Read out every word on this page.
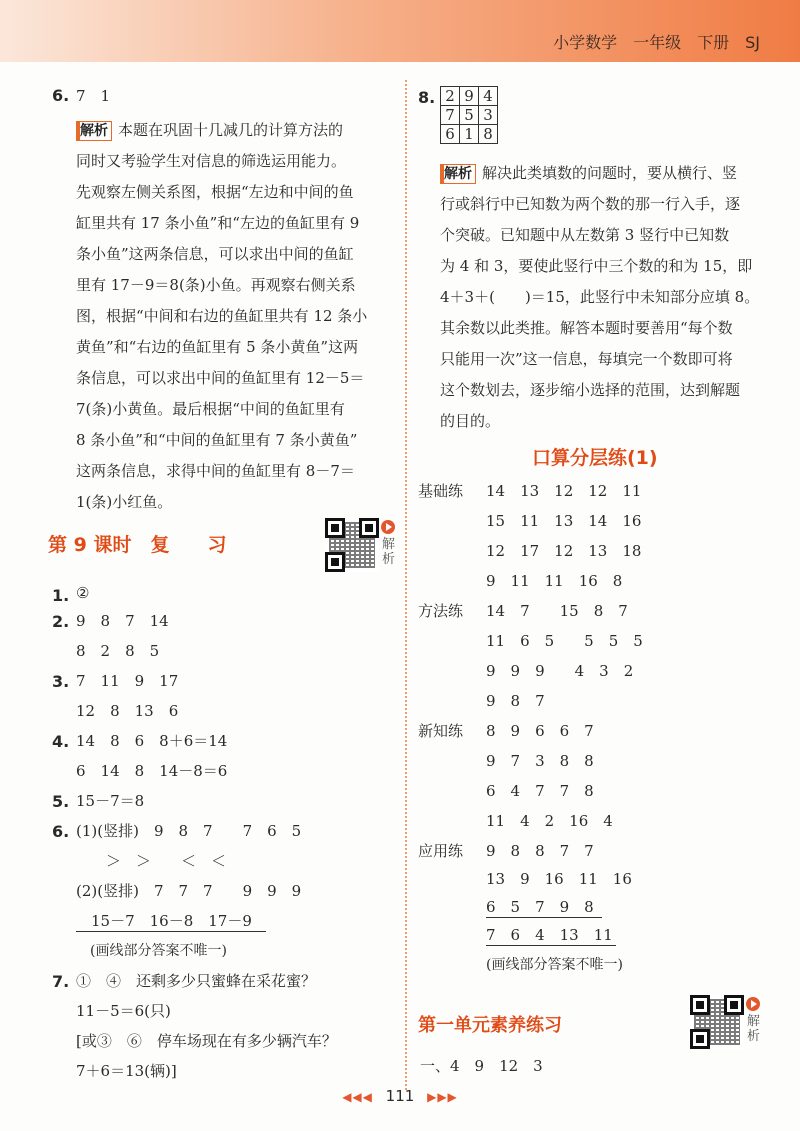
小学数学　一年级　下册　SJ
6. 7　1
解析 本题在巩固十几减几的计算方法的
同时又考验学生对信息的筛选运用能力。
先观察左侧关系图，根据“左边和中间的鱼
缸里共有 17 条小鱼”和“左边的鱼缸里有 9
条小鱼”这两条信息，可以求出中间的鱼缸
里有 17－9＝8(条)小鱼。再观察右侧关系
图，根据“中间和右边的鱼缸里共有 12 条小
黄鱼”和“右边的鱼缸里有 5 条小黄鱼”这两
条信息，可以求出中间的鱼缸里有 12－5＝
7(条)小黄鱼。最后根据“中间的鱼缸里有
8 条小鱼”和“中间的鱼缸里有 7 条小黄鱼”
这两条信息，求得中间的鱼缸里有 8－7＝
1(条)小红鱼。
第 9 课时　复　　习	解析
1. ②
2. 9　8　7　14
8　2　8　5
3. 7　11　9　17
12　8　13　6
4. 14　8　6　8＋6＝14
6　14　8　14－8＝6
5. 15－7＝8
6. (1)(竖排)　9　8　7　　7　6　5
　　＞　＞　　＜　＜
(2)(竖排)　7　7　7　　9　9　9
　15－7　16－8　17－9
　(画线部分答案不唯一)
7. ①　④　还剩多少只蜜蜂在采花蜜？
11－5＝6(只)
[或③　⑥　停车场现在有多少辆汽车？
7＋6＝13(辆)]
8. 2	9	4
7	5	3
6	1	8
解析 解决此类填数的问题时，要从横行、竖
行或斜行中已知数为两个数的那一行入手，逐
个突破。已知题中从左数第 3 竖行中已知数
为 4 和 3，要使此竖行中三个数的和为 15，即
4＋3＋(　　)＝15，此竖行中未知部分应填 8。
其余数以此类推。解答本题时要善用“每个数
只能用一次”这一信息，每填完一个数即可将
这个数划去，逐步缩小选择的范围，达到解题
的目的。
口算分层练(1)
基础练 14　13　12　12　11
15　11　13　14　16
12　17　12　13　18
9　11　11　16　8
方法练 14　7　　15　8　7
11　6　5　　5　5　5
9　9　9　　4　3　2
9　8　7
新知练 8　9　6　6　7
9　7　3　8　8
6　4　7　7　8
11　4　2　16　4
应用练 9　8　8　7　7
13　9　16　11　16
6　5　7　9　8
7　6　4　13　11
(画线部分答案不唯一)
第一单元素养练习	解析
一、4　9　12　3
◀◀◀ 111 ▶▶▶
